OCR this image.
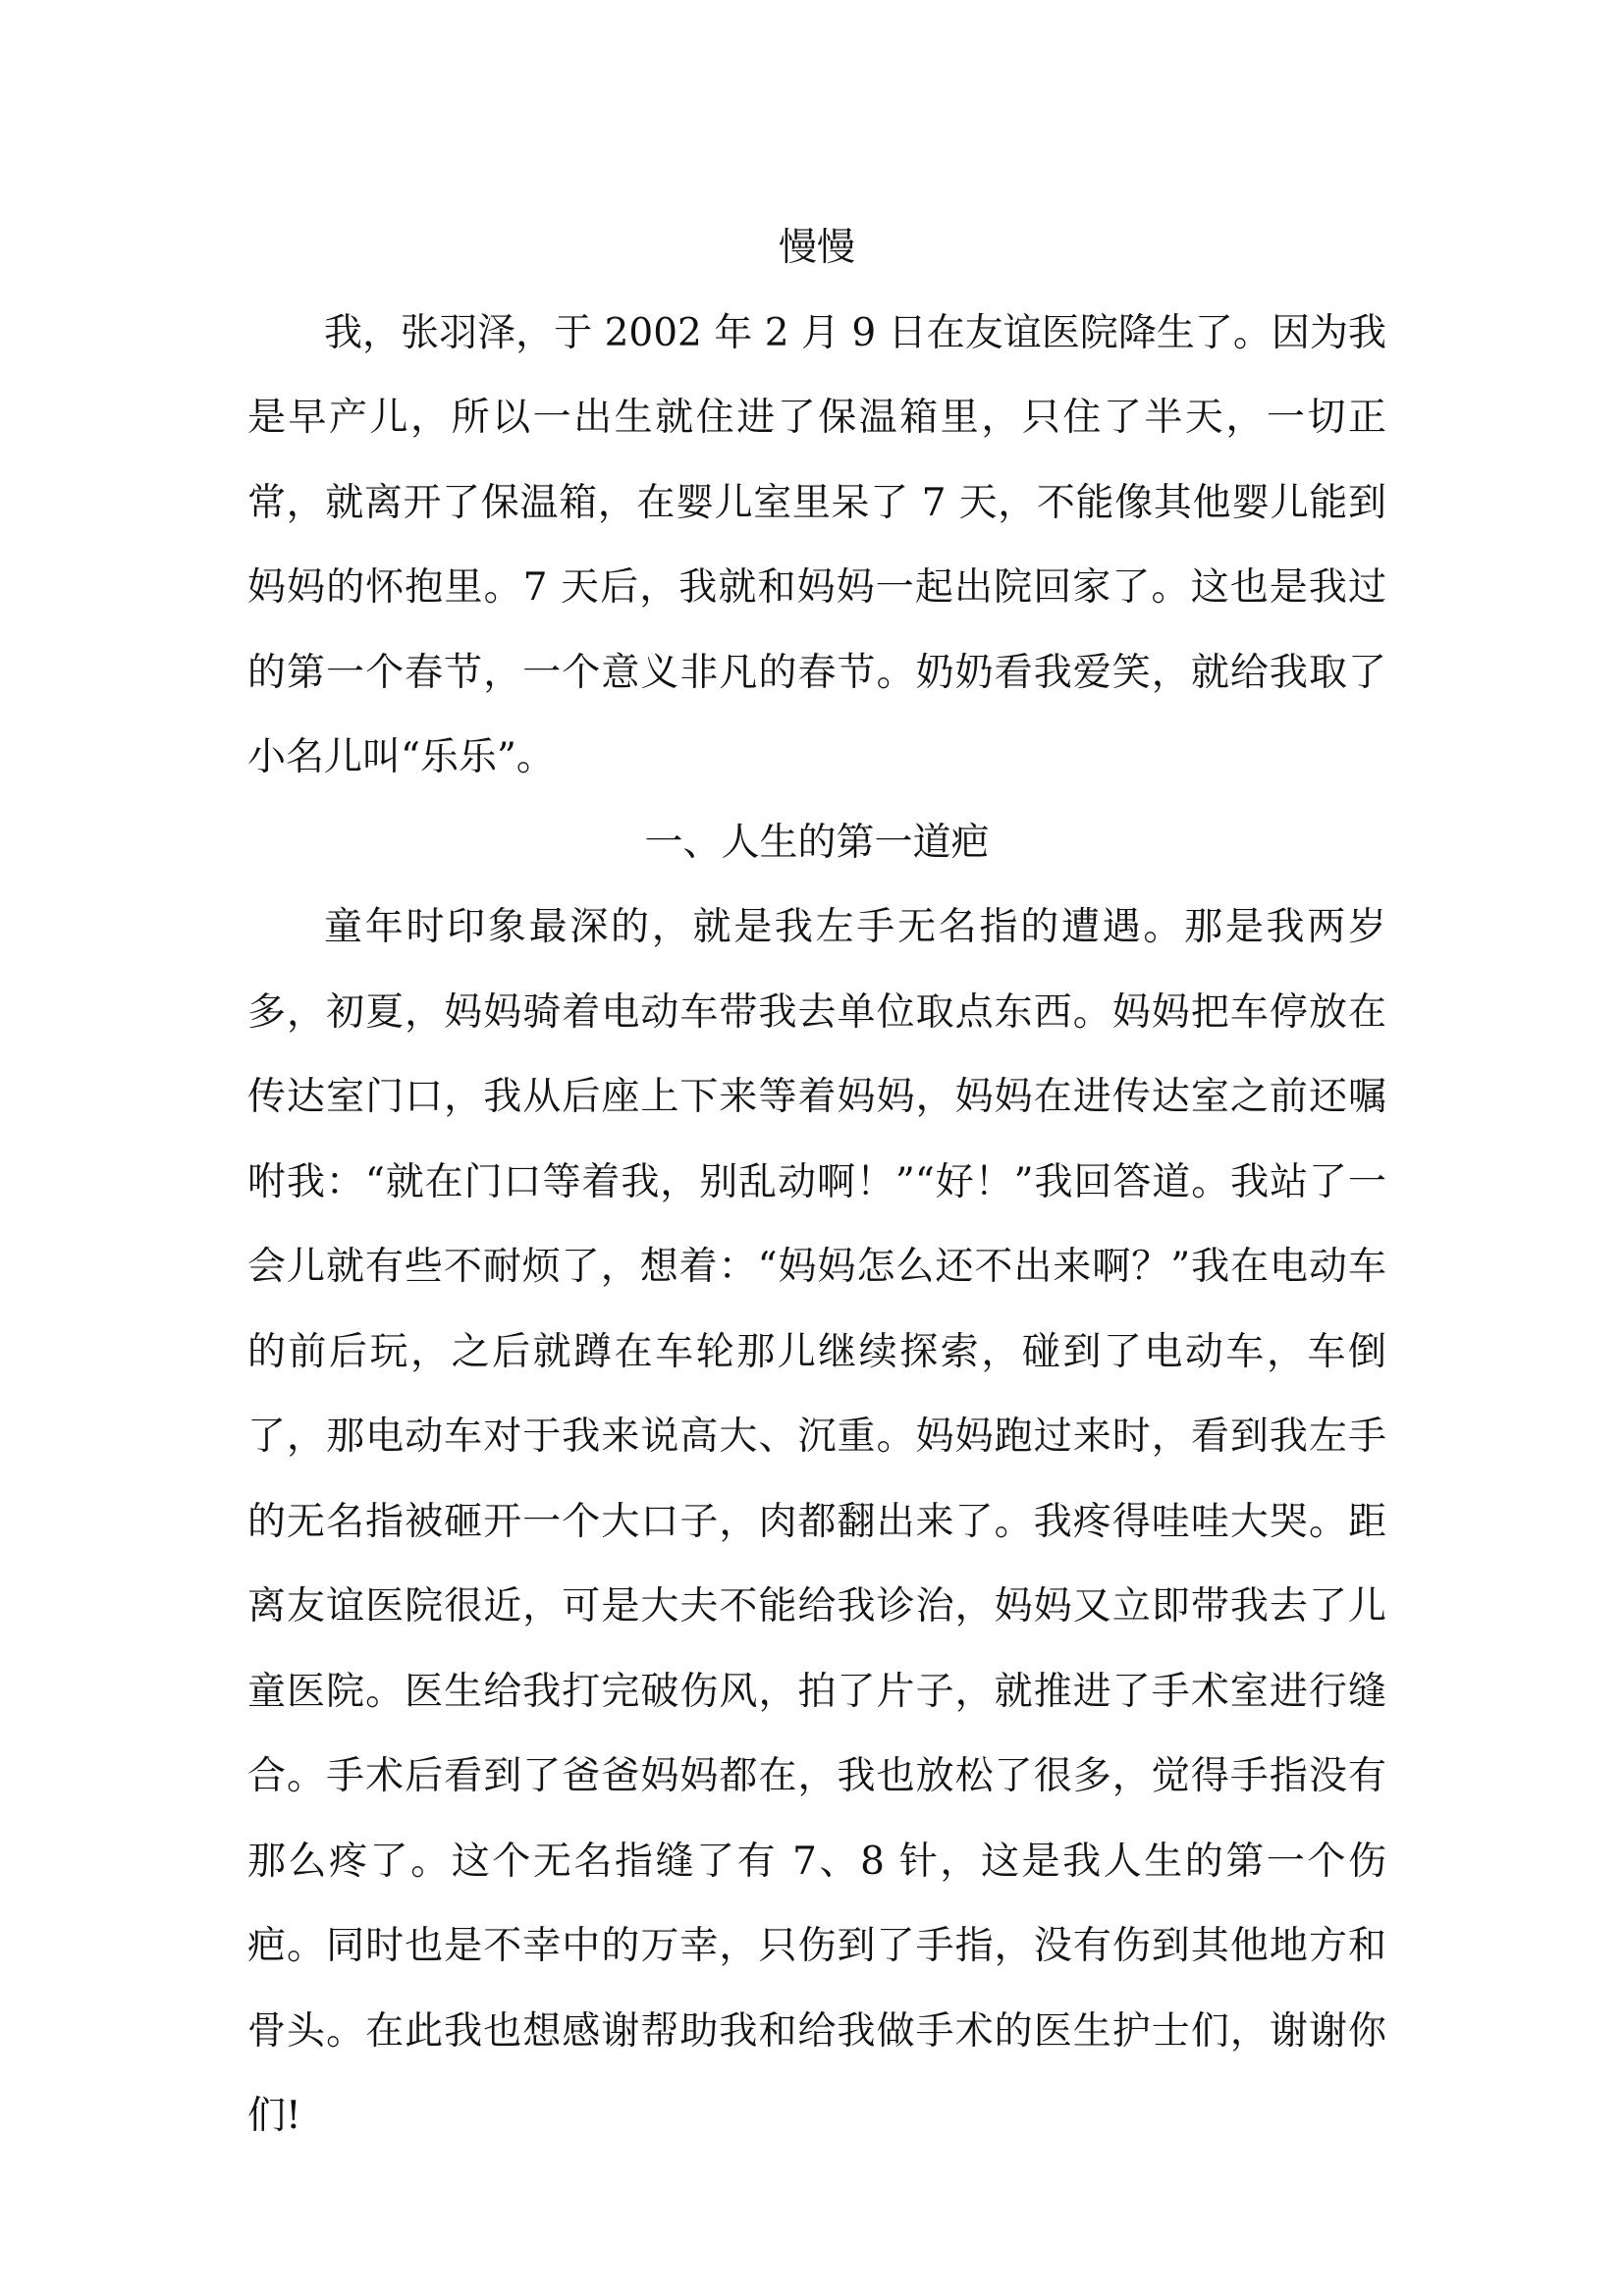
慢慢

我，张羽泽，于 2002 年 2 月 9 日在友谊医院降生了。因为我是早产儿，所以一出生就住进了保温箱里，只住了半天，一切正常，就离开了保温箱，在婴儿室里呆了 7 天，不能像其他婴儿能到妈妈的怀抱里。7 天后，我就和妈妈一起出院回家了。这也是我过的第一个春节，一个意义非凡的春节。奶奶看我爱笑，就给我取了小名儿叫“乐乐”。

一、人生的第一道疤

童年时印象最深的，就是我左手无名指的遭遇。那是我两岁多，初夏，妈妈骑着电动车带我去单位取点东西。妈妈把车停放在传达室门口，我从后座上下来等着妈妈，妈妈在进传达室之前还嘱咐我：“就在门口等着我，别乱动啊！”“好！”我回答道。我站了一会儿就有些不耐烦了，想着：“妈妈怎么还不出来啊？”我在电动车的前后玩，之后就蹲在车轮那儿继续探索，碰到了电动车，车倒了，那电动车对于我来说高大、沉重。妈妈跑过来时，看到我左手的无名指被砸开一个大口子，肉都翻出来了。我疼得哇哇大哭。距离友谊医院很近，可是大夫不能给我诊治，妈妈又立即带我去了儿童医院。医生给我打完破伤风，拍了片子，就推进了手术室进行缝合。手术后看到了爸爸妈妈都在，我也放松了很多，觉得手指没有那么疼了。这个无名指缝了有 7、8 针，这是我人生的第一个伤疤。同时也是不幸中的万幸，只伤到了手指，没有伤到其他地方和骨头。在此我也想感谢帮助我和给我做手术的医生护士们，谢谢你们!
